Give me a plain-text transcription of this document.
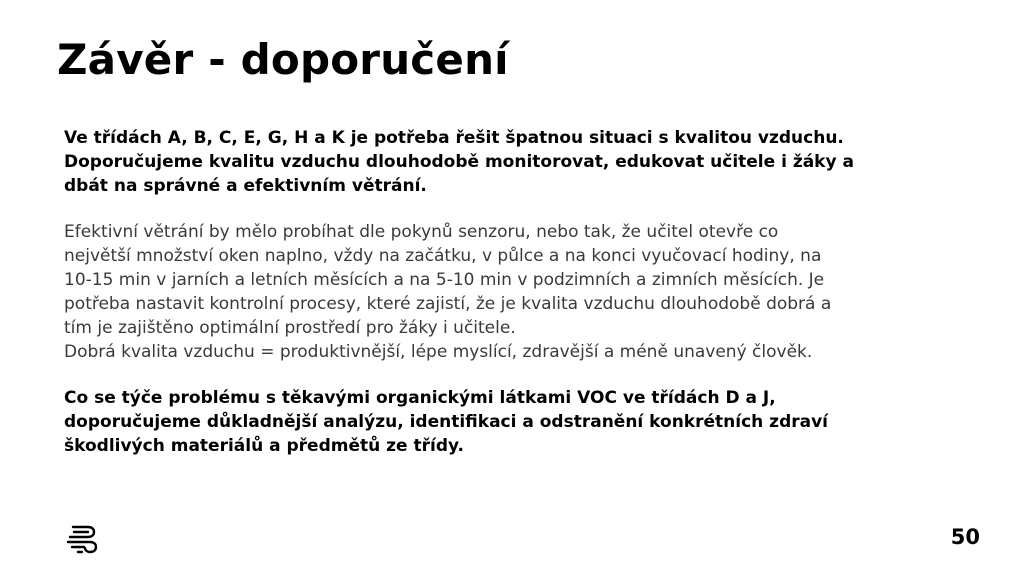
Závěr - doporučení

Ve třídách A, B, C, E, G, H a K je potřeba řešit špatnou situaci s kvalitou vzduchu.
Doporučujeme kvalitu vzduchu dlouhodobě monitorovat, edukovat učitele i žáky a
dbát na správné a efektivním větrání.

Efektivní větrání by mělo probíhat dle pokynů senzoru, nebo tak, že učitel otevře co
největší množství oken naplno, vždy na začátku, v půlce a na konci vyučovací hodiny, na
10-15 min v jarních a letních měsících a na 5-10 min v podzimních a zimních měsících. Je
potřeba nastavit kontrolní procesy, které zajistí, že je kvalita vzduchu dlouhodobě dobrá a
tím je zajištěno optimální prostředí pro žáky i učitele.
Dobrá kvalita vzduchu = produktivnější, lépe myslící, zdravější a méně unavený člověk.

Co se týče problému s těkavými organickými látkami VOC ve třídách D a J,
doporučujeme důkladnější analýzu, identifikaci a odstranění konkrétních zdraví
škodlivých materiálů a předmětů ze třídy.

50
